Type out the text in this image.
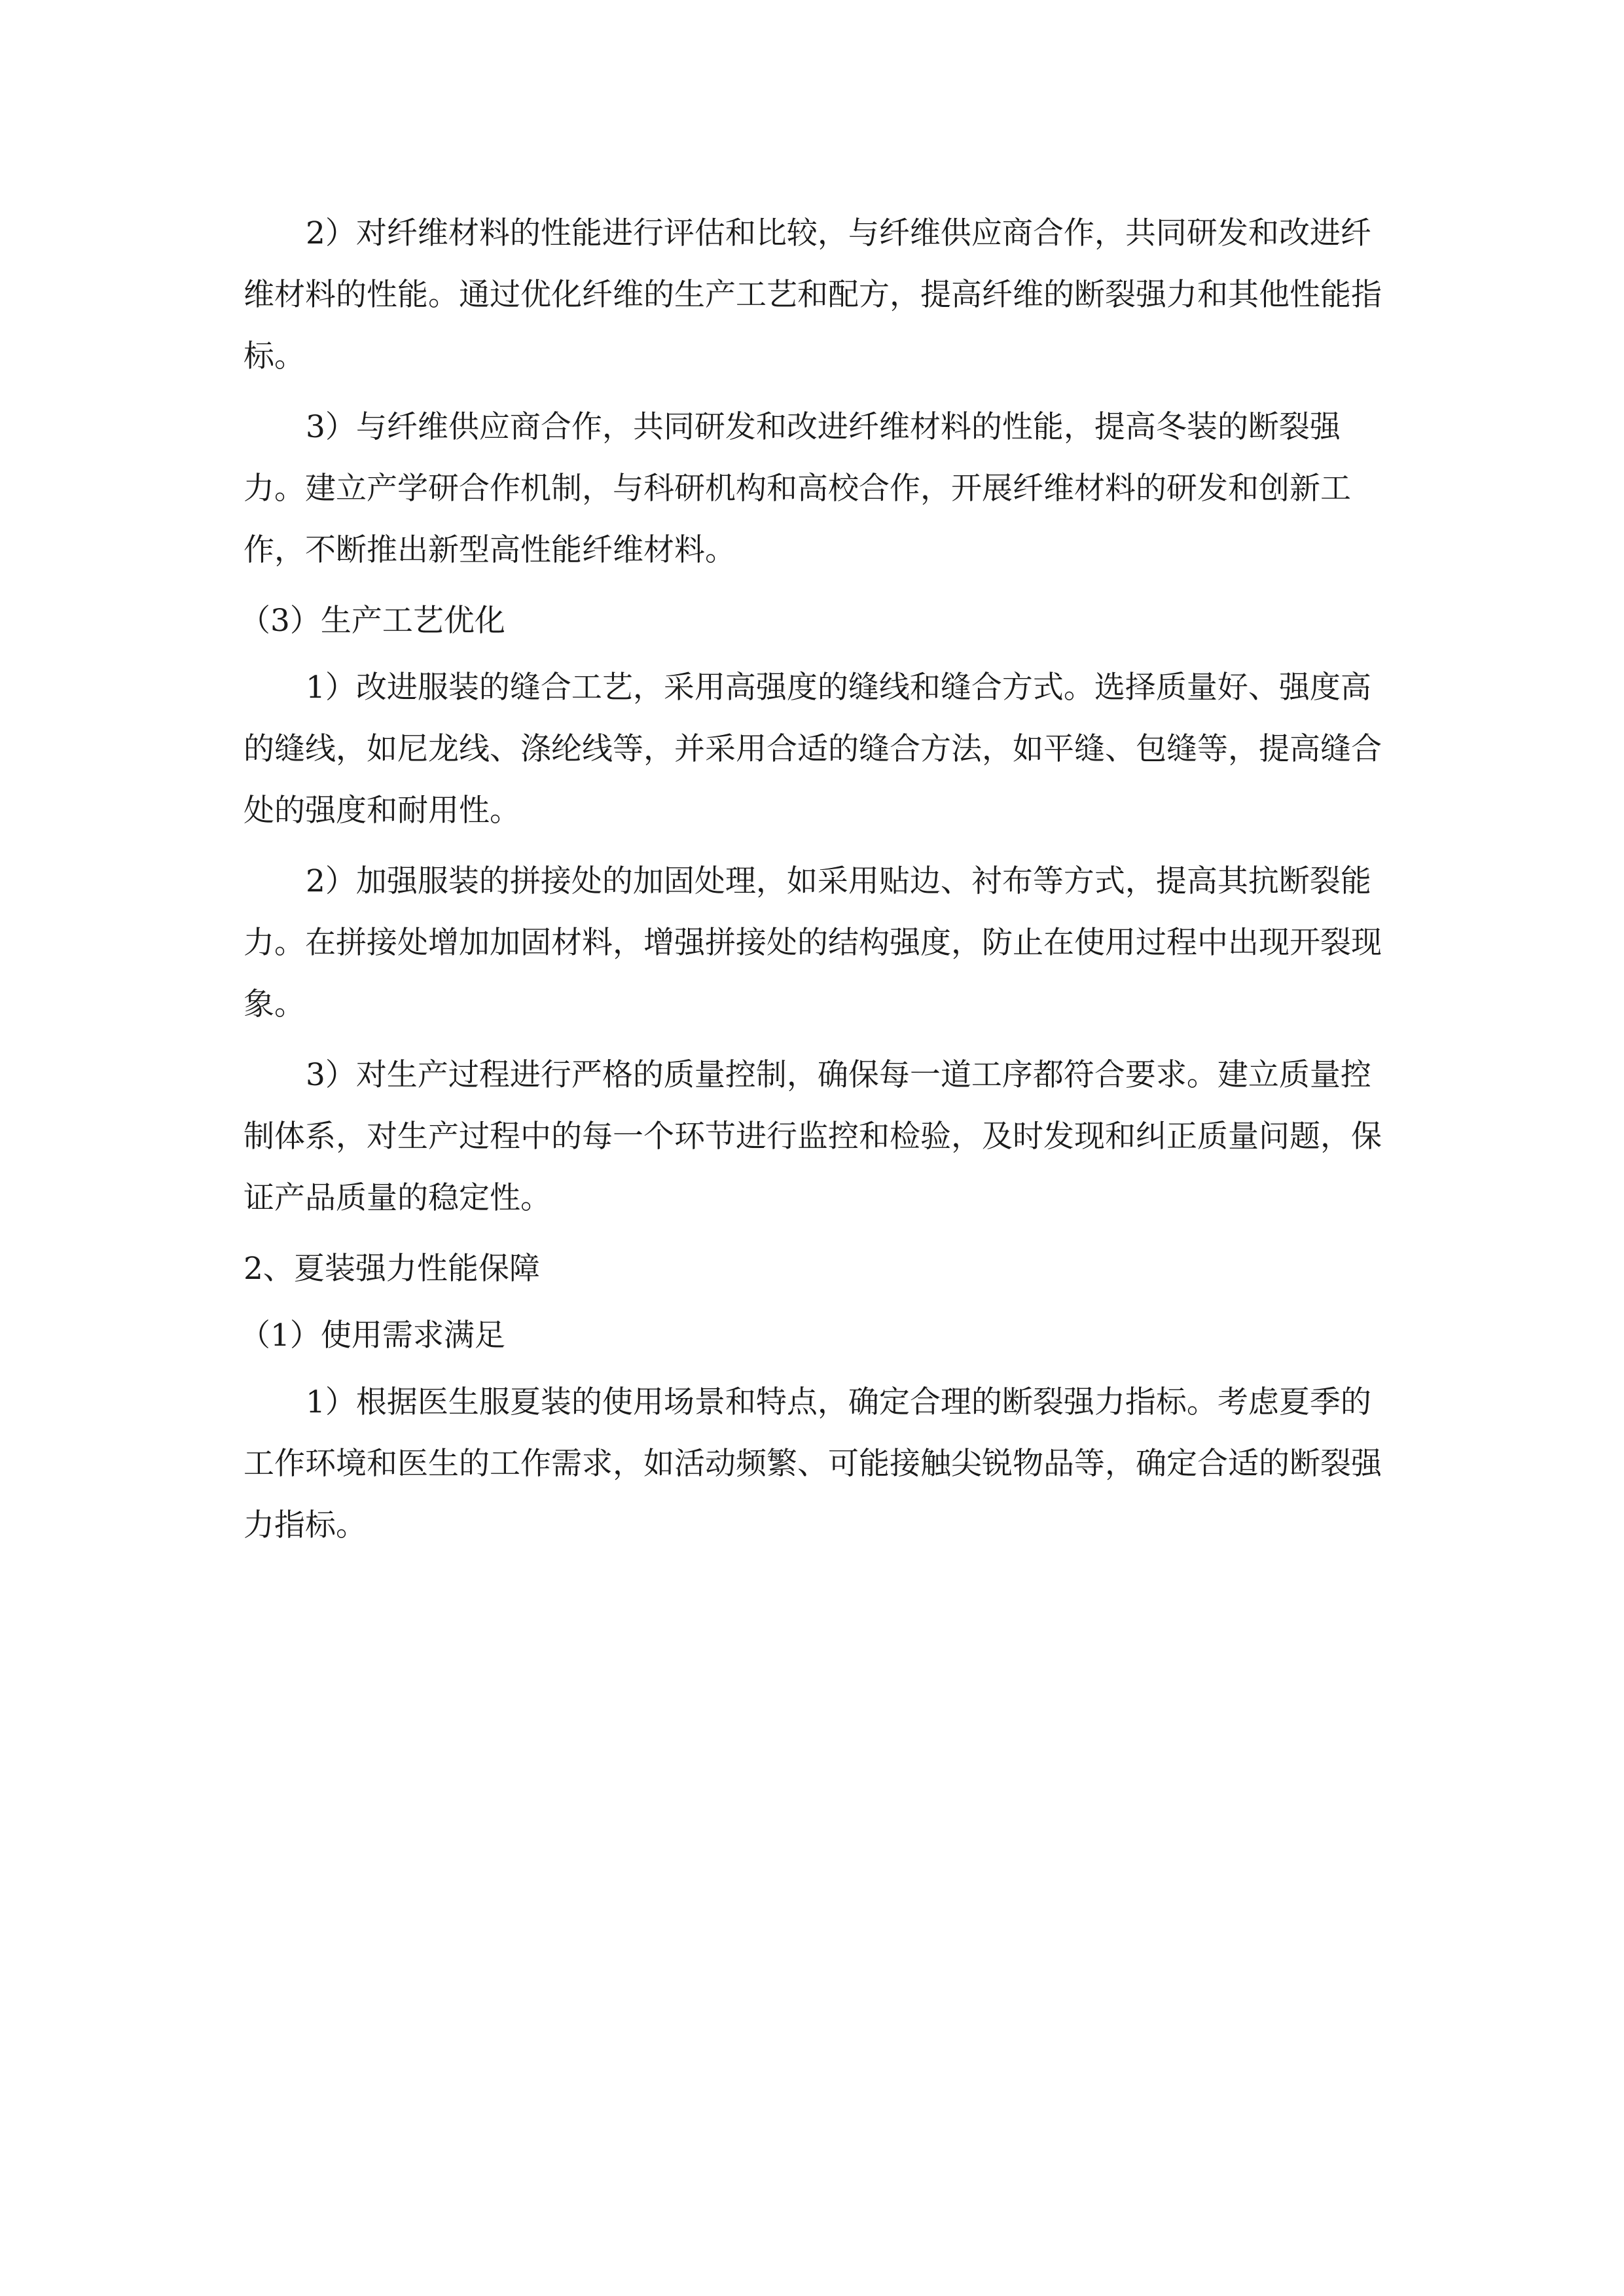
2）对纤维材料的性能进行评估和比较，与纤维供应商合作，共同研发和改进纤维材料的性能。通过优化纤维的生产工艺和配方，提高纤维的断裂强力和其他性能指标。

3）与纤维供应商合作，共同研发和改进纤维材料的性能，提高冬装的断裂强力。建立产学研合作机制，与科研机构和高校合作，开展纤维材料的研发和创新工作，不断推出新型高性能纤维材料。

（3）生产工艺优化

1）改进服装的缝合工艺，采用高强度的缝线和缝合方式。选择质量好、强度高的缝线，如尼龙线、涤纶线等，并采用合适的缝合方法，如平缝、包缝等，提高缝合处的强度和耐用性。

2）加强服装的拼接处的加固处理，如采用贴边、衬布等方式，提高其抗断裂能力。在拼接处增加加固材料，增强拼接处的结构强度，防止在使用过程中出现开裂现象。

3）对生产过程进行严格的质量控制，确保每一道工序都符合要求。建立质量控制体系，对生产过程中的每一个环节进行监控和检验，及时发现和纠正质量问题，保证产品质量的稳定性。

2、夏装强力性能保障

（1）使用需求满足

1）根据医生服夏装的使用场景和特点，确定合理的断裂强力指标。考虑夏季的工作环境和医生的工作需求，如活动频繁、可能接触尖锐物品等，确定合适的断裂强力指标。
